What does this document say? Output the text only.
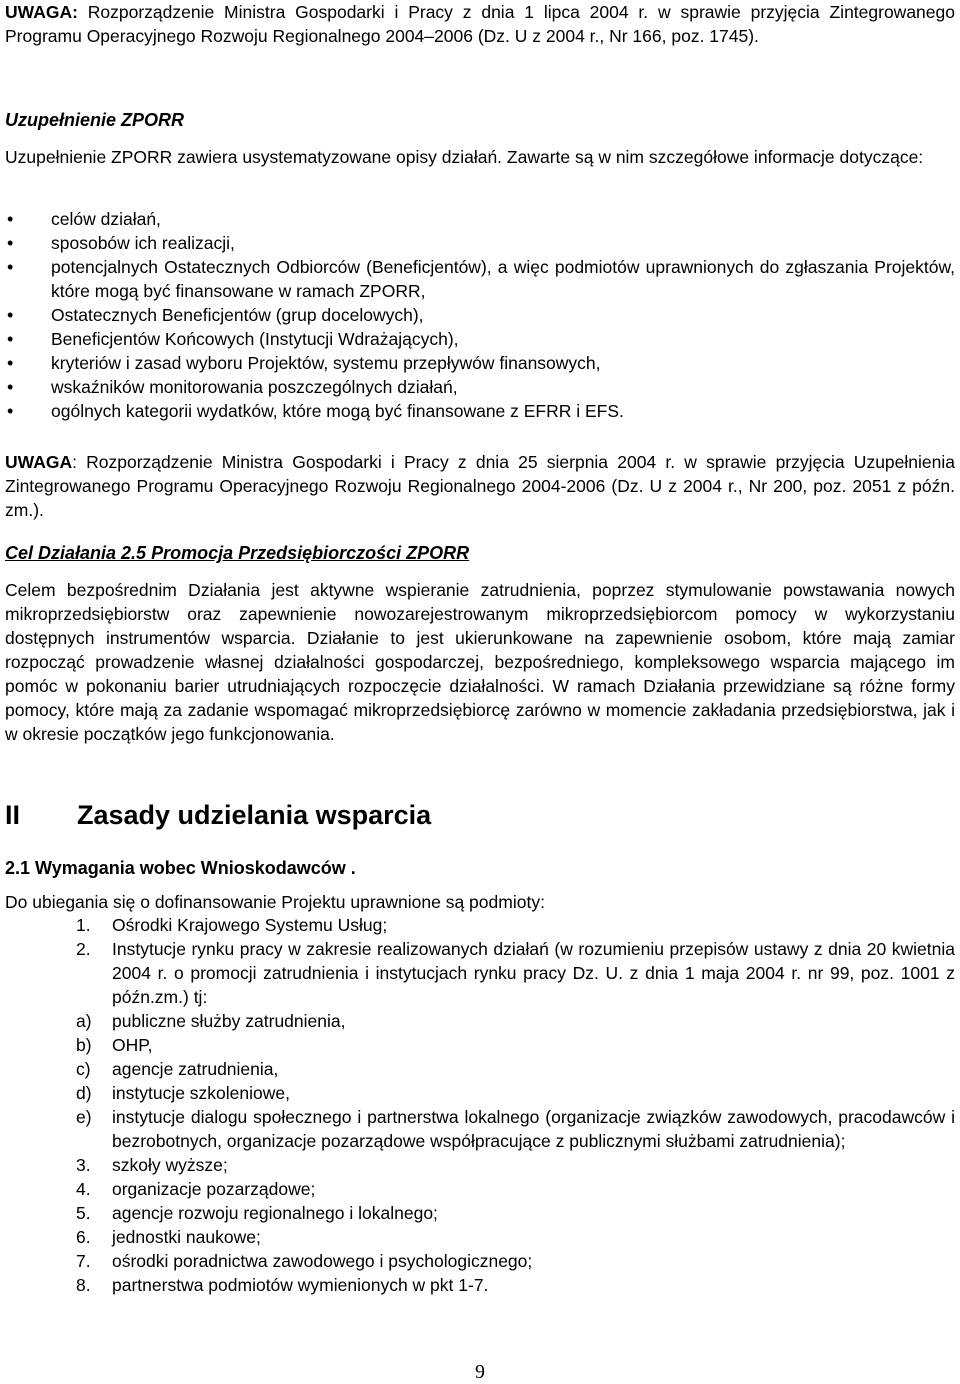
UWAGA: Rozporządzenie Ministra Gospodarki i Pracy z dnia 1 lipca 2004 r. w sprawie przyjęcia Zintegrowanego Programu Operacyjnego Rozwoju Regionalnego 2004–2006 (Dz. U z 2004 r., Nr 166, poz. 1745).

Uzupełnienie ZPORR

Uzupełnienie ZPORR zawiera usystematyzowane opisy działań. Zawarte są w nim szczegółowe informacje dotyczące:

• celów działań,
• sposobów ich realizacji,
• potencjalnych Ostatecznych Odbiorców (Beneficjentów), a więc podmiotów uprawnionych do zgłaszania Projektów, które mogą być finansowane w ramach ZPORR,
• Ostatecznych Beneficjentów (grup docelowych),
• Beneficjentów Końcowych (Instytucji Wdrażających),
• kryteriów i zasad wyboru Projektów, systemu przepływów finansowych,
• wskaźników monitorowania poszczególnych działań,
• ogólnych kategorii wydatków, które mogą być finansowane z EFRR i EFS.

UWAGA: Rozporządzenie Ministra Gospodarki i Pracy z dnia 25 sierpnia 2004 r. w sprawie przyjęcia Uzupełnienia Zintegrowanego Programu Operacyjnego Rozwoju Regionalnego 2004-2006 (Dz. U z 2004 r., Nr 200, poz. 2051 z późn. zm.).

Cel Działania 2.5 Promocja Przedsiębiorczości ZPORR

Celem bezpośrednim Działania jest aktywne wspieranie zatrudnienia, poprzez stymulowanie powstawania nowych mikroprzedsiębiorstw oraz zapewnienie nowozarejestrowanym mikroprzedsiębiorcom pomocy w wykorzystaniu dostępnych instrumentów wsparcia. Działanie to jest ukierunkowane na zapewnienie osobom, które mają zamiar rozpocząć prowadzenie własnej działalności gospodarczej, bezpośredniego, kompleksowego wsparcia mającego im pomóc w pokonaniu barier utrudniających rozpoczęcie działalności. W ramach Działania przewidziane są różne formy pomocy, które mają za zadanie wspomagać mikroprzedsiębiorcę zarówno w momencie zakładania przedsiębiorstwa, jak i w okresie początków jego funkcjonowania.

II Zasady udzielania wsparcia
2.1 Wymagania wobec Wnioskodawców .

Do ubiegania się o dofinansowanie Projektu uprawnione są podmioty:

1. Ośrodki Krajowego Systemu Usług;
2. Instytucje rynku pracy w zakresie realizowanych działań (w rozumieniu przepisów ustawy z dnia 20 kwietnia 2004 r. o promocji zatrudnienia i instytucjach rynku pracy Dz. U. z dnia 1 maja 2004 r. nr 99, poz. 1001 z późn.zm.) tj:
a) publiczne służby zatrudnienia,
b) OHP,
c) agencje zatrudnienia,
d) instytucje szkoleniowe,
e) instytucje dialogu społecznego i partnerstwa lokalnego (organizacje związków zawodowych, pracodawców i bezrobotnych, organizacje pozarządowe współpracujące z publicznymi służbami zatrudnienia);
3. szkoły wyższe;
4. organizacje pozarządowe;
5. agencje rozwoju regionalnego i lokalnego;
6. jednostki naukowe;
7. ośrodki poradnictwa zawodowego i psychologicznego;
8. partnerstwa podmiotów wymienionych w pkt 1-7.
9
